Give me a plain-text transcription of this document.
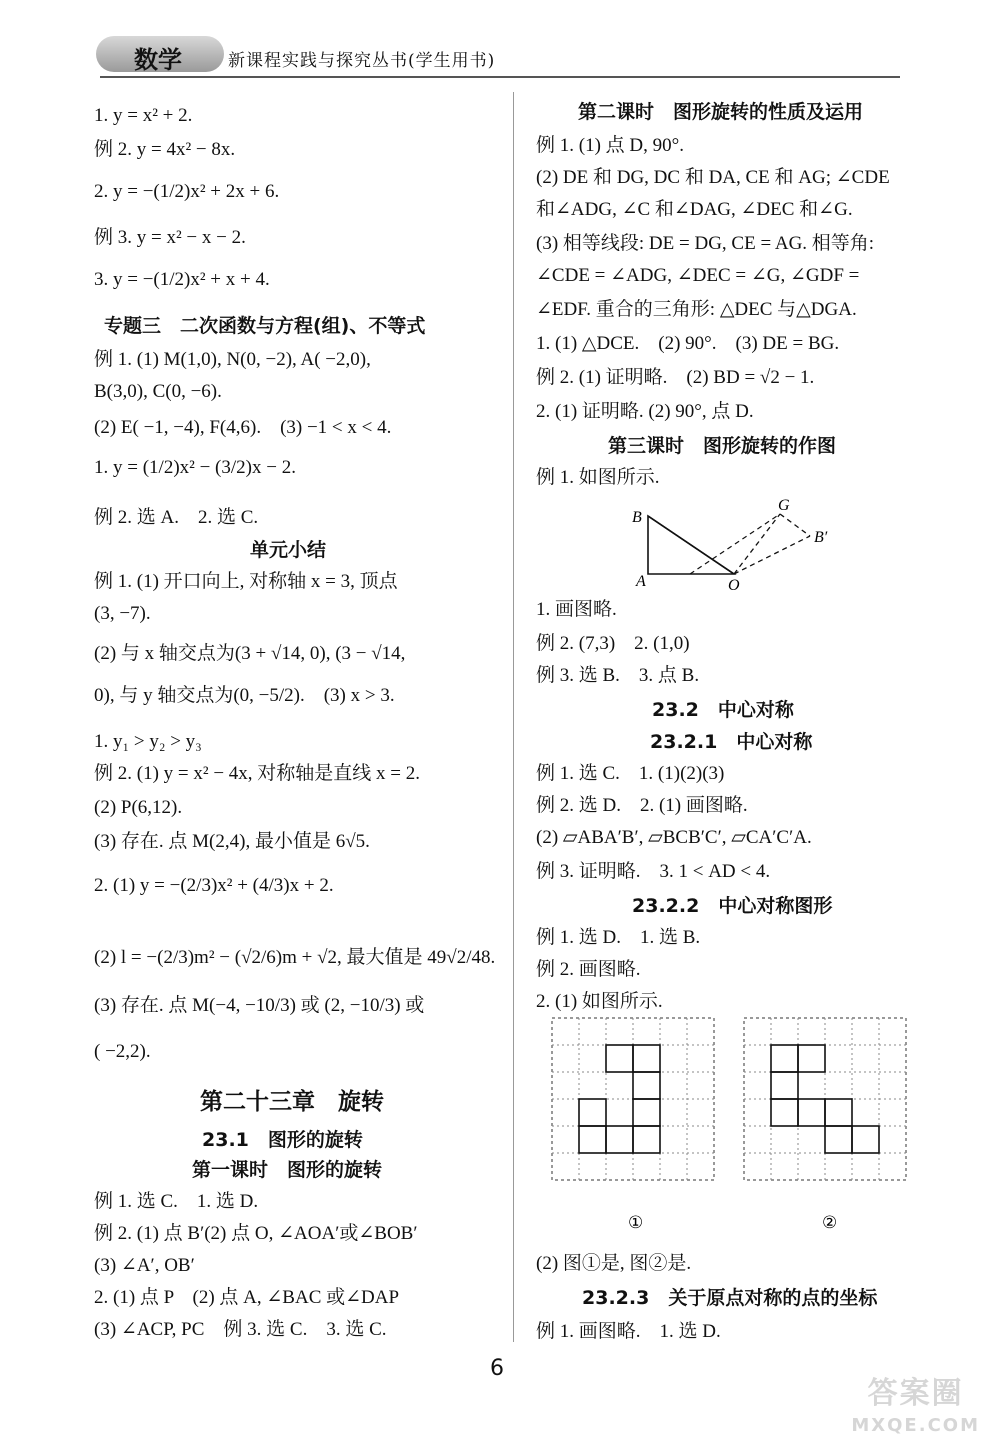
数学	新课程实践与探究丛书(学生用书)
1. y = x² + 2.
例 2. y = 4x² − 8x.
2. y = −(1/2)x² + 2x + 6.
例 3. y = x² − x − 2.
3. y = −(1/2)x² + x + 4.
专题三　二次函数与方程(组)、不等式
例 1. (1) M(1,0), N(0, −2), A( −2,0),
B(3,0), C(0, −6).
(2) E( −1, −4), F(4,6).　(3) −1 < x < 4.
1. y = (1/2)x² − (3/2)x − 2.
例 2. 选 A.　2. 选 C.
单元小结
例 1. (1) 开口向上, 对称轴 x = 3, 顶点
(3, −7).
(2) 与 x 轴交点为(3 + √14, 0), (3 − √14,
0), 与 y 轴交点为(0, −5/2).　(3) x > 3.
1. y₁ > y₂ > y₃
例 2. (1) y = x² − 4x, 对称轴是直线 x = 2.
(2) P(6,12).
(3) 存在. 点 M(2,4), 最小值是 6√5.
2. (1) y = −(2/3)x² + (4/3)x + 2.
(2) l = −(2/3)m² − (√2/6)m + √2, 最大值是 49√2/48.
(3) 存在. 点 M(−4, −10/3) 或 (2, −10/3) 或
( −2,2).
第二十三章　旋转
23.1　图形的旋转
第一课时　图形的旋转
例 1. 选 C.　1. 选 D.
例 2. (1) 点 B′(2) 点 O, ∠AOA′或∠BOB′
(3) ∠A′, OB′
2. (1) 点 P　(2) 点 A, ∠BAC 或∠DAP
(3) ∠ACP, PC　例 3. 选 C.　3. 选 C.
第二课时　图形旋转的性质及运用
例 1. (1) 点 D, 90°.
(2) DE 和 DG, DC 和 DA, CE 和 AG; ∠CDE
和∠ADG, ∠C 和∠DAG, ∠DEC 和∠G.
(3) 相等线段: DE = DG, CE = AG. 相等角:
∠CDE = ∠ADG, ∠DEC = ∠G, ∠GDF =
∠EDF. 重合的三角形: △DEC 与△DGA.
1. (1) △DCE.　(2) 90°.　(3) DE = BG.
例 2. (1) 证明略.　(2) BD = √2 − 1.
2. (1) 证明略. (2) 90°, 点 D.
第三课时　图形旋转的作图
例 1. 如图所示.
1. 画图略.
例 2. (7,3)　2. (1,0)
例 3. 选 B.　3. 点 B.
23.2　中心对称
23.2.1　中心对称
例 1. 选 C.　1. (1)(2)(3)
例 2. 选 D.　2. (1) 画图略.
(2) ▱ABA′B′, ▱BCB′C′, ▱CA′C′A.
例 3. 证明略.　3. 1 < AD < 4.
23.2.2　中心对称图形
例 1. 选 D.　1. 选 B.
例 2. 画图略.
2. (1) 如图所示.
(2) 图①是, 图②是.
23.2.3　关于原点对称的点的坐标
例 1. 画图略.　1. 选 D.
B
A	O
G
B′
①	②
6
答案圈
MXQE.COM
